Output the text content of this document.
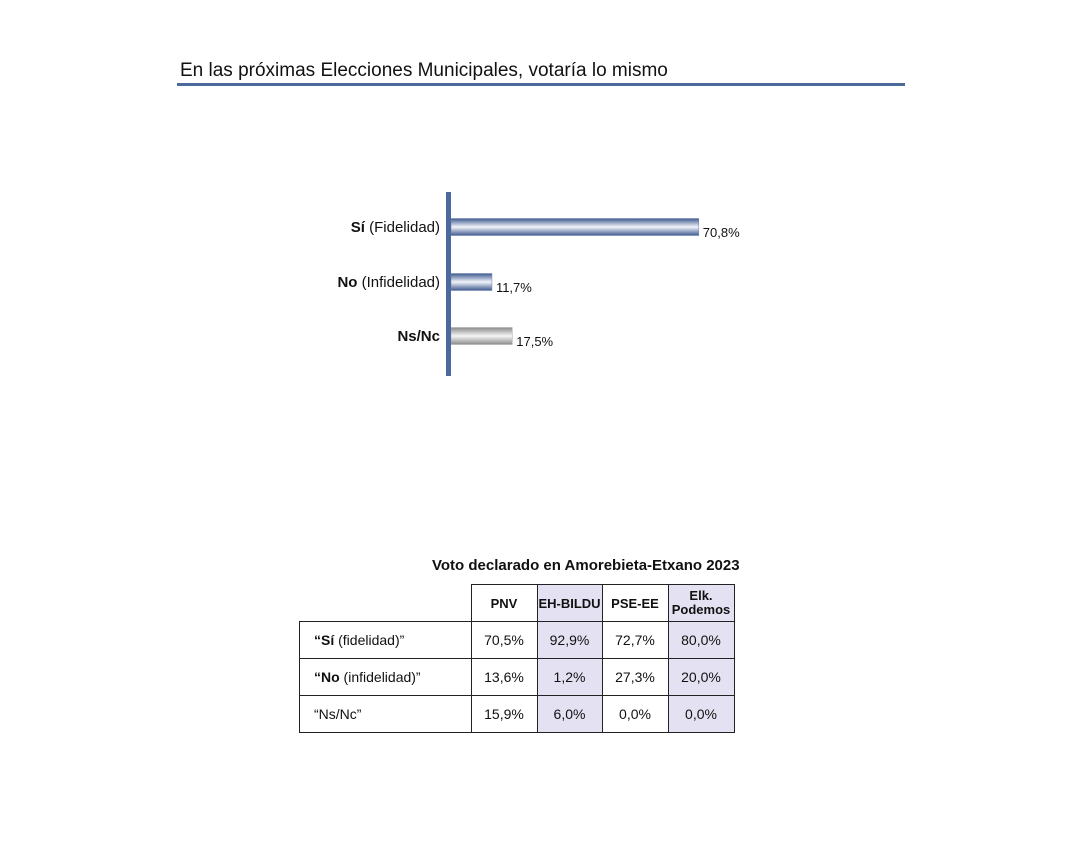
En las próximas Elecciones Municipales, votaría lo mismo
70,8%
Sí (Fidelidad)
11,7%
No (Infidelidad)
17,5%
Ns/Nc
Voto declarado en Amorebieta-Etxano 2023
	PNV	EH-BILDU	PSE-EE	Elk.
Podemos
“Sí (fidelidad)”	70,5%	92,9%	72,7%	80,0%
“No (infidelidad)”	13,6%	1,2%	27,3%	20,0%
“Ns/Nc”	15,9%	6,0%	0,0%	0,0%
